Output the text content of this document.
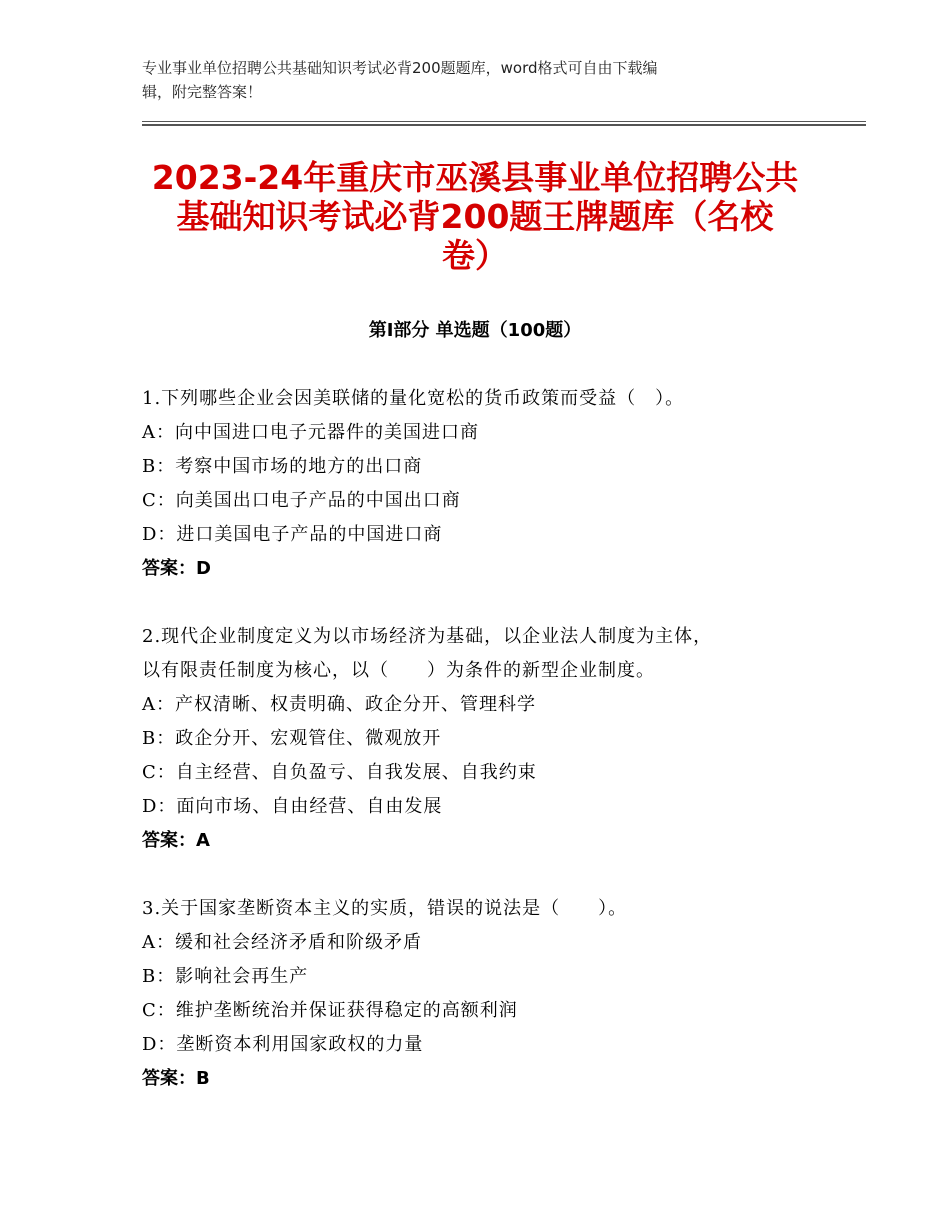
专业事业单位招聘公共基础知识考试必背200题题库，word格式可自由下载编
辑，附完整答案！
2023-24年重庆市巫溪县事业单位招聘公共
基础知识考试必背200题王牌题库（名校
卷）
第Ⅰ部分 单选题（100题）
1.下列哪些企业会因美联储的量化宽松的货币政策而受益（　）。
A：向中国进口电子元器件的美国进口商
B：考察中国市场的地方的出口商
C：向美国出口电子产品的中国出口商
D：进口美国电子产品的中国进口商
答案：D
2.现代企业制度定义为以市场经济为基础，以企业法人制度为主体，
以有限责任制度为核心，以（　　）为条件的新型企业制度。
A：产权清晰、权责明确、政企分开、管理科学
B：政企分开、宏观管住、微观放开
C：自主经营、自负盈亏、自我发展、自我约束
D：面向市场、自由经营、自由发展
答案：A
3.关于国家垄断资本主义的实质，错误的说法是（　　）。
A：缓和社会经济矛盾和阶级矛盾
B：影响社会再生产
C：维护垄断统治并保证获得稳定的高额利润
D：垄断资本利用国家政权的力量
答案：B
